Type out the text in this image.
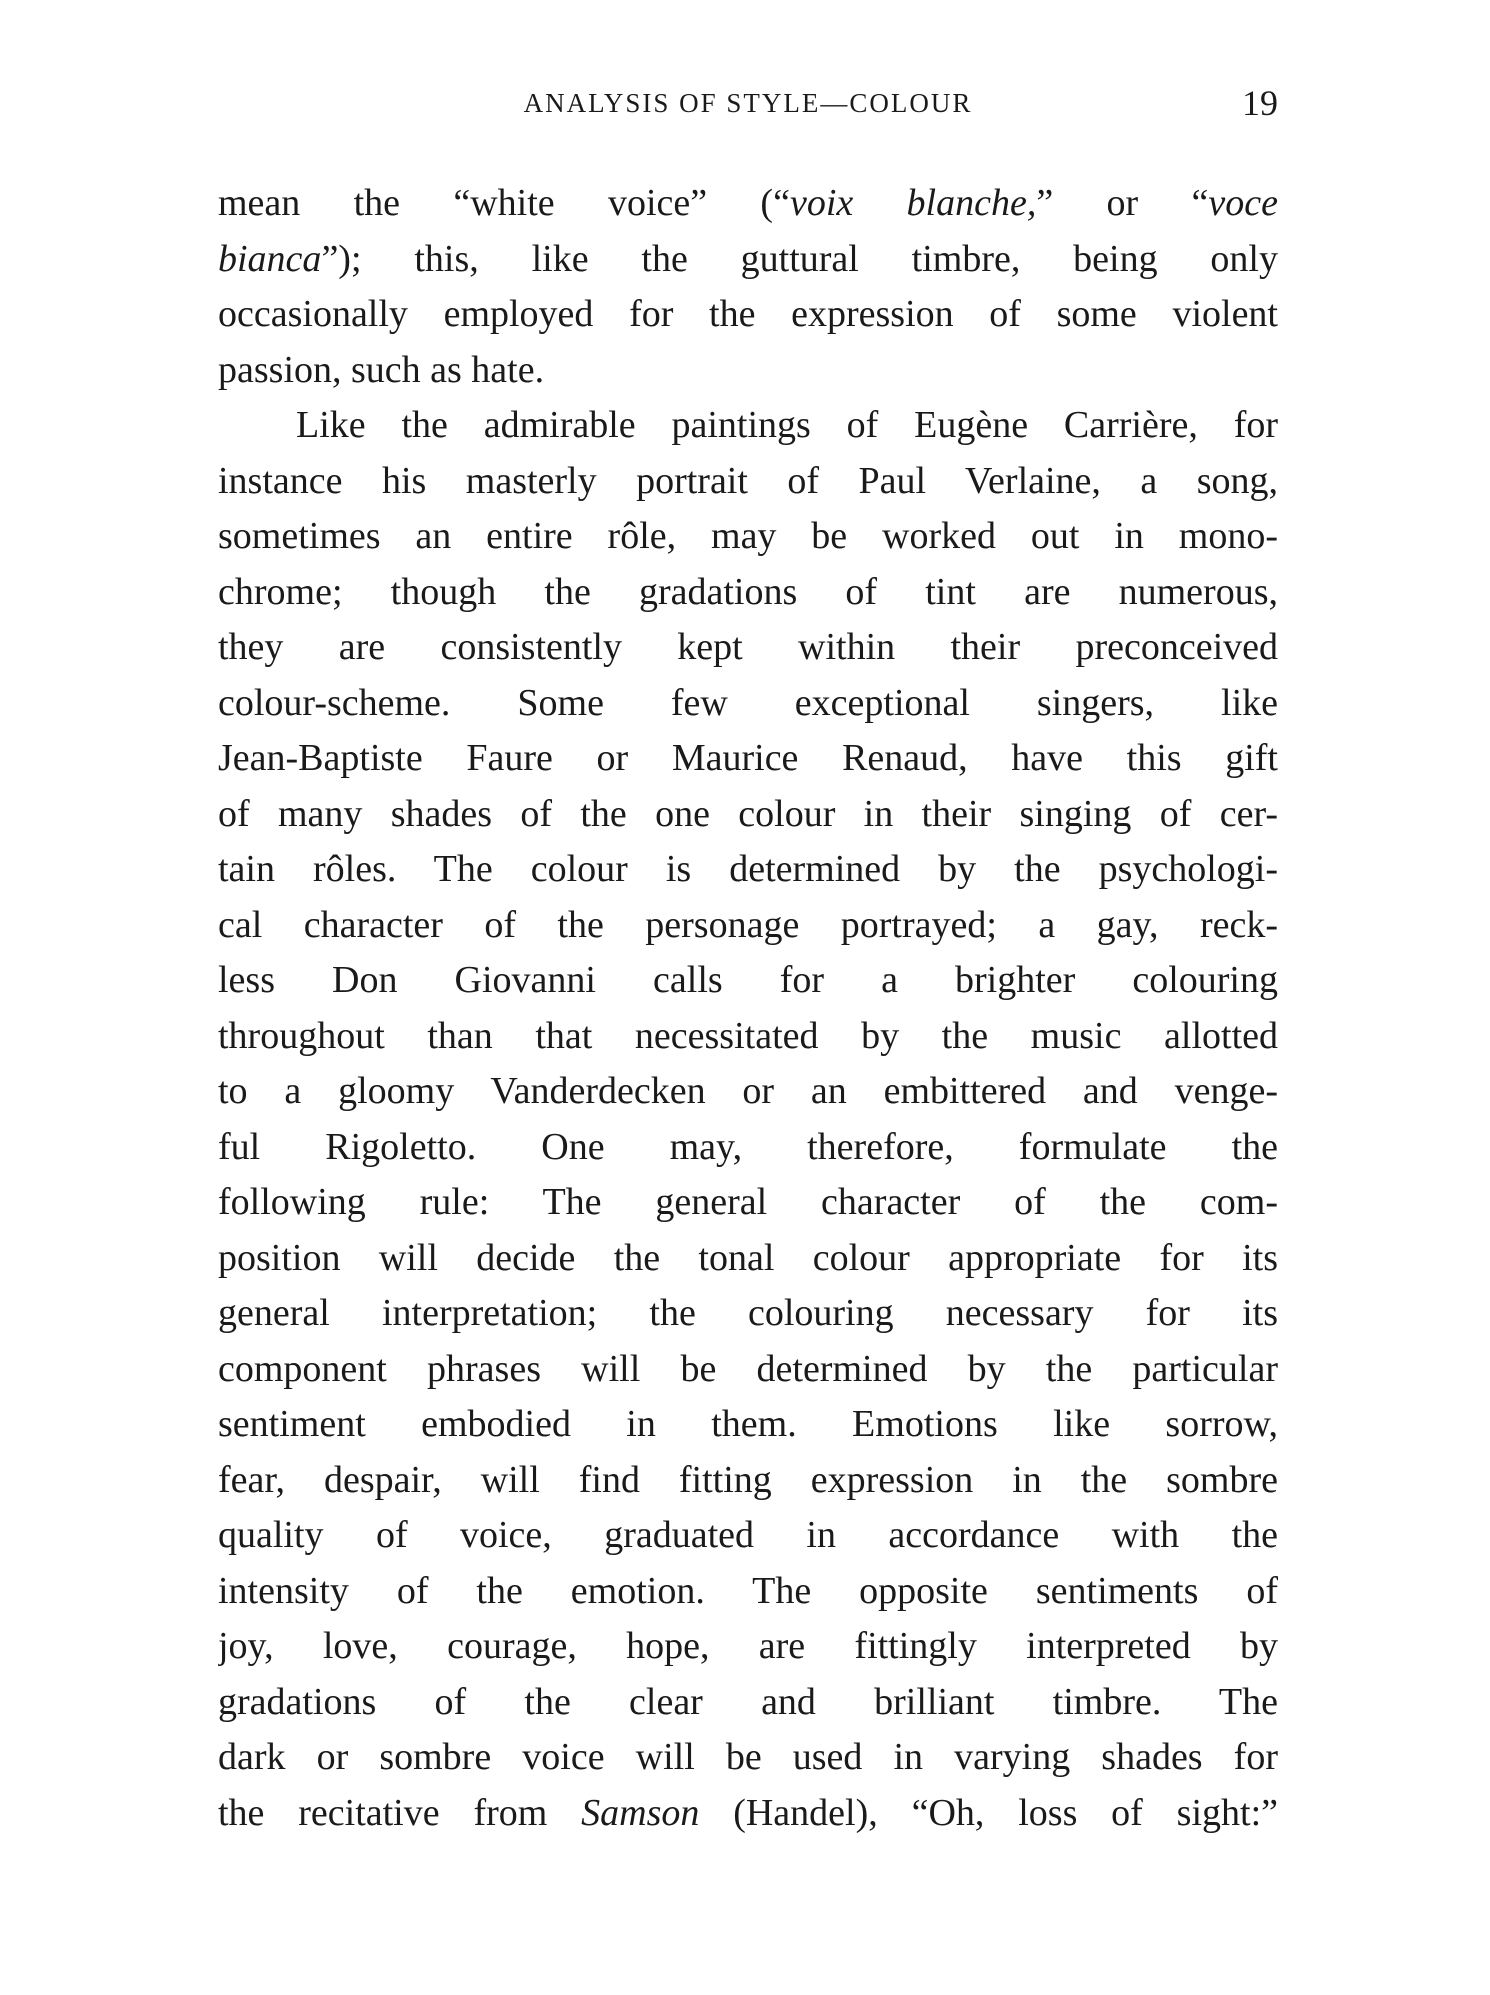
ANALYSIS OF STYLE—COLOUR	19
mean the “white voice” (“voix blanche,” or “voce
bianca”); this, like the guttural timbre, being only
occasionally employed for the expression of some violent
passion, such as hate.
Like the admirable paintings of Eugène Carrière, for
instance his masterly portrait of Paul Verlaine, a song,
sometimes an entire rôle, may be worked out in mono-
chrome; though the gradations of tint are numerous,
they are consistently kept within their preconceived
colour-scheme. Some few exceptional singers, like
Jean-Baptiste Faure or Maurice Renaud, have this gift
of many shades of the one colour in their singing of cer-
tain rôles. The colour is determined by the psychologi-
cal character of the personage portrayed; a gay, reck-
less Don Giovanni calls for a brighter colouring
throughout than that necessitated by the music allotted
to a gloomy Vanderdecken or an embittered and venge-
ful Rigoletto. One may, therefore, formulate the
following rule: The general character of the com-
position will decide the tonal colour appropriate for its
general interpretation; the colouring necessary for its
component phrases will be determined by the particular
sentiment embodied in them. Emotions like sorrow,
fear, despair, will find fitting expression in the sombre
quality of voice, graduated in accordance with the
intensity of the emotion. The opposite sentiments of
joy, love, courage, hope, are fittingly interpreted by
gradations of the clear and brilliant timbre. The
dark or sombre voice will be used in varying shades for
the recitative from Samson (Handel), “Oh, loss of sight:”
